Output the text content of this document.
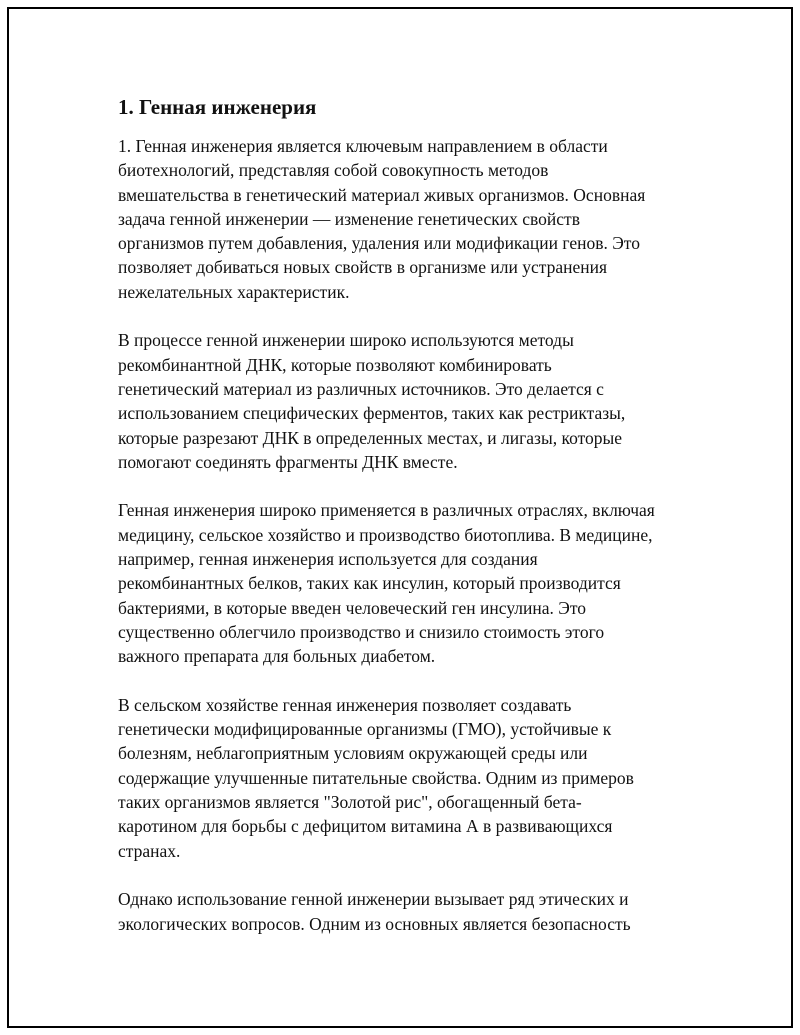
1. Генная инженерия

1. Генная инженерия является ключевым направлением в области
биотехнологий, представляя собой совокупность методов
вмешательства в генетический материал живых организмов. Основная
задача генной инженерии — изменение генетических свойств
организмов путем добавления, удаления или модификации генов. Это
позволяет добиваться новых свойств в организме или устранения
нежелательных характеристик.

В процессе генной инженерии широко используются методы
рекомбинантной ДНК, которые позволяют комбинировать
генетический материал из различных источников. Это делается с
использованием специфических ферментов, таких как рестриктазы,
которые разрезают ДНК в определенных местах, и лигазы, которые
помогают соединять фрагменты ДНК вместе.

Генная инженерия широко применяется в различных отраслях, включая
медицину, сельское хозяйство и производство биотоплива. В медицине,
например, генная инженерия используется для создания
рекомбинантных белков, таких как инсулин, который производится
бактериями, в которые введен человеческий ген инсулина. Это
существенно облегчило производство и снизило стоимость этого
важного препарата для больных диабетом.

В сельском хозяйстве генная инженерия позволяет создавать
генетически модифицированные организмы (ГМО), устойчивые к
болезням, неблагоприятным условиям окружающей среды или
содержащие улучшенные питательные свойства. Одним из примеров
таких организмов является "Золотой рис", обогащенный бета-
каротином для борьбы с дефицитом витамина А в развивающихся
странах.

Однако использование генной инженерии вызывает ряд этических и
экологических вопросов. Одним из основных является безопасность
